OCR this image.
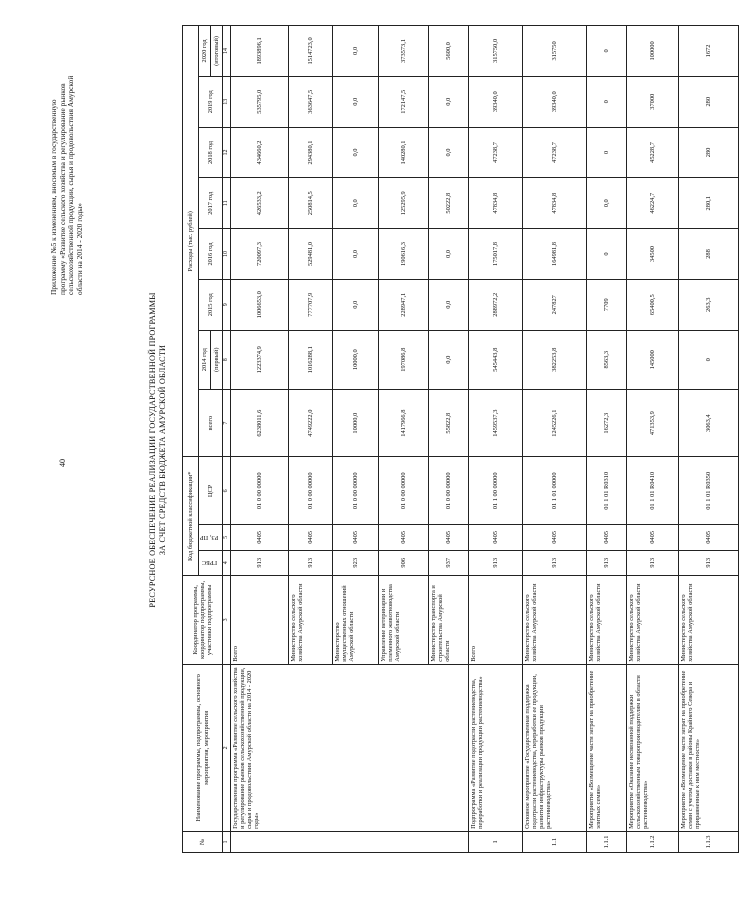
40
Приложение №5 к изменениям, вносимым в государственную программу «Развитие сельского хозяйства и регулирование рынков сельскохозяйственной продукции, сырья и продовольствия Амурской области на 2014 - 2020 годы»
РЕСУРСНОЕ ОБЕСПЕЧЕНИЕ РЕАЛИЗАЦИИ ГОСУДАРСТВЕННОЙ ПРОГРАММЫ ЗА СЧЕТ СРЕДСТВ БЮДЖЕТА АМУРСКОЙ ОБЛАСТИ
№	Наименование программы, подпрограммы, основного мероприятия, мероприятия	Координатор программы, координатор подпрограммы, участники подпрограммы	Код бюджетной классификации*			Расходы (тыс. рублей)							
			ГРБС	РЗ, ПР	ЦСР	всего	2014 год	2015 год	2016 год	2017 год	2018 год	2019 год	2020 год
							(первый)						(итоговый)
1	2	3	4	5	6	7	8	9	10	11	12	13	14
	Государственная программа «Развитие сельского хозяйства и регулирование рынков сельскохозяйственной продукции, сырья и продовольствия Амурской области на 2014 - 2020 годы»	Всего	913	0405	01 0 00 00000	6238011,6	1223374,9	1006653,0	720097,3	426533,2	434660,2	535795,0	1893896,1
		Министерство сельского хозяйства Амурской области	913	0405	01 0 00 00000	4749222,0	1016288,1	777707,9	529481,0	250814,5	294380,1	363647,5	1514723,0
		Министерство имущественных отношений Амурской области	923	0405	01 0 00 00000	10000,0	10000,0	0,0	0,0	0,0	0,0	0,0	0,0
		Управление ветеринарии и племенного животноводства Амурской области	906	0405	01 0 00 00000	1417966,8	197086,8	228947,1	190616,3	125295,9	140280,1	172147,5	373573,1
		Министерство транспорта и строительства Амурской области	937	0405	01 0 00 00000	55822,8	0,0	0,0	0,0	50222,8	0,0	0,0	5600,0
1	Подпрограмма «Развитие подотрасли растениеводства, переработки и реализации продукции растениеводства»	Всего	913	0405	01 1 00 00000	1459537,3	545443,8	288972,2	175017,8	47834,8	47238,7	39340,0	315750,0
1.1	Основное мероприятие «Государственная поддержка подотрасли растениеводства, переработки ее продукции, развития инфраструктуры рынков продукции растениеводства»	Министерство сельского хозяйства Амурской области	913	0405	01 1 01 00000	1245226,1	382253,8	247827	164981,8	47834,8	47238,7	39340,0	315750
1.1.1	Мероприятие «Возмещение части затрат на приобретение элитных семян»	Министерство сельского хозяйства Амурской области	913	0405	01 1 01 R0310	16272,3	8563,3	7709	0	0,0	0	0	0
1.1.2	Мероприятие «Оказание несвязанной поддержки сельскохозяйственным товаропроизводителям в области растениеводства»	Министерство сельского хозяйства Амурской области	913	0405	01 1 01 R0410	471353,9	145000	65400,5	34500	46224,7	45228,7	37000	100000
1.1.3	Мероприятие «Возмещение части затрат на приобретение семян с учетом доставки в районы Крайнего Севера и приравненные к ним местности»	Министерство сельского хозяйства Амурской области	913	0405	01 1 01 R0350	3063,4	0	263,3	288	280,1	280	280	1672
